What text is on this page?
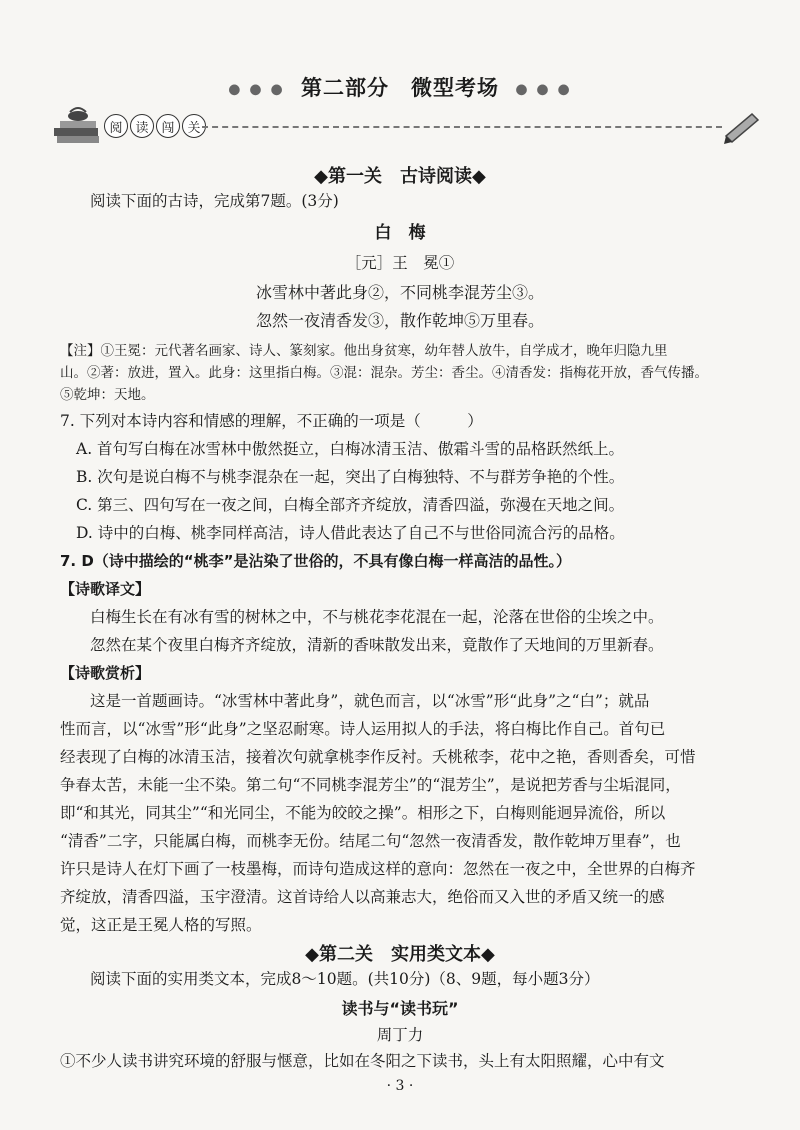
● ● ● 第二部分　微型考场 ● ● ●
阅 读 闯 关
◆第一关　古诗阅读◆
阅读下面的古诗，完成第7题。(3分)
白　梅
［元］王　冕①
冰雪林中著此身②，不同桃李混芳尘③。
忽然一夜清香发③，散作乾坤⑤万里春。
【注】①王冕：元代著名画家、诗人、篆刻家。他出身贫寒，幼年替人放牛，自学成才，晚年归隐九里
山。②著：放进，置入。此身：这里指白梅。③混：混杂。芳尘：香尘。④清香发：指梅花开放，香气传播。
⑤乾坤：天地。
7. 下列对本诗内容和情感的理解，不正确的一项是（　　　）
A. 首句写白梅在冰雪林中傲然挺立，白梅冰清玉洁、傲霜斗雪的品格跃然纸上。
B. 次句是说白梅不与桃李混杂在一起，突出了白梅独特、不与群芳争艳的个性。
C. 第三、四句写在一夜之间，白梅全部齐齐绽放，清香四溢，弥漫在天地之间。
D. 诗中的白梅、桃李同样高洁，诗人借此表达了自己不与世俗同流合污的品格。
7. D（诗中描绘的“桃李”是沾染了世俗的，不具有像白梅一样高洁的品性。）
【诗歌译文】
白梅生长在有冰有雪的树林之中，不与桃花李花混在一起，沦落在世俗的尘埃之中。
忽然在某个夜里白梅齐齐绽放，清新的香味散发出来，竟散作了天地间的万里新春。
【诗歌赏析】
这是一首题画诗。“冰雪林中著此身”，就色而言，以“冰雪”形“此身”之“白”；就品
性而言，以“冰雪”形“此身”之坚忍耐寒。诗人运用拟人的手法，将白梅比作自己。首句已
经表现了白梅的冰清玉洁，接着次句就拿桃李作反衬。夭桃秾李，花中之艳，香则香矣，可惜
争春太苦，未能一尘不染。第二句“不同桃李混芳尘”的“混芳尘”，是说把芳香与尘垢混同，
即“和其光，同其尘”“和光同尘，不能为皎皎之操”。相形之下，白梅则能迥异流俗，所以
“清香”二字，只能属白梅，而桃李无份。结尾二句“忽然一夜清香发，散作乾坤万里春”，也
许只是诗人在灯下画了一枝墨梅，而诗句造成这样的意向：忽然在一夜之中，全世界的白梅齐
齐绽放，清香四溢，玉宇澄清。这首诗给人以高兼志大，绝俗而又入世的矛盾又统一的感
觉，这正是王冕人格的写照。
◆第二关　实用类文本◆
阅读下面的实用类文本，完成8～10题。(共10分)（8、9题，每小题3分）
读书与“读书玩”
周丁力
①不少人读书讲究环境的舒服与惬意，比如在冬阳之下读书，头上有太阳照耀，心中有文
· 3 ·
